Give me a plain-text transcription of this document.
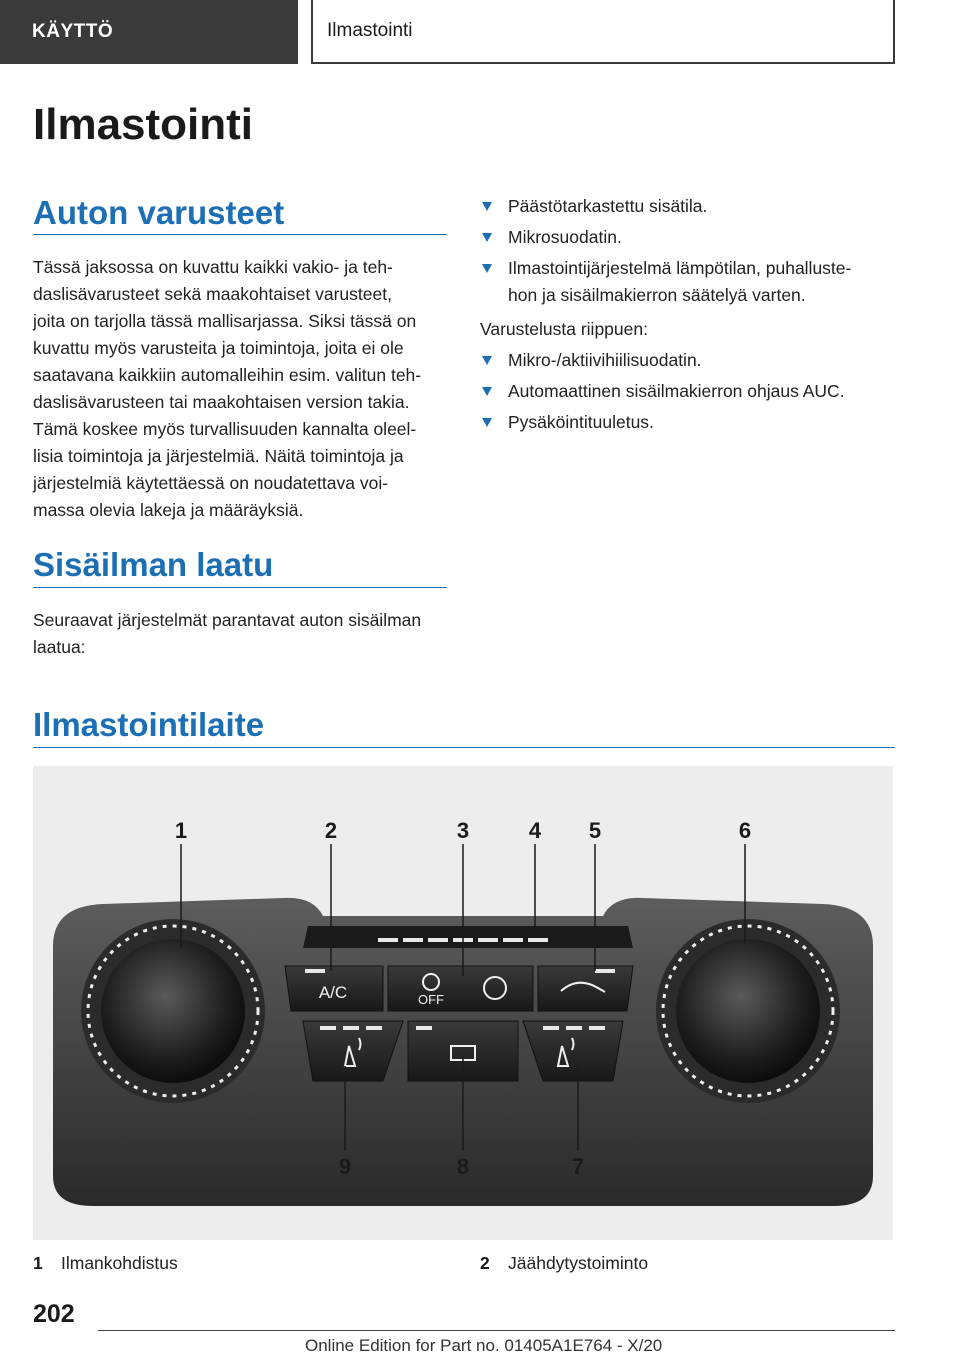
KÄYTTÖ	Ilmastointi
Ilmastointi
Auton varusteet
Tässä jaksossa on kuvattu kaikki vakio- ja teh-
daslisävarusteet sekä maakohtaiset varusteet,
joita on tarjolla tässä mallisarjassa. Siksi tässä on
kuvattu myös varusteita ja toimintoja, joita ei ole
saatavana kaikkiin automalleihin esim. valitun teh-
daslisävarusteen tai maakohtaisen version takia.
Tämä koskee myös turvallisuuden kannalta oleel-
lisia toimintoja ja järjestelmiä. Näitä toimintoja ja
järjestelmiä käytettäessä on noudatettava voi-
massa olevia lakeja ja määräyksiä.
Sisäilman laatu
Seuraavat järjestelmät parantavat auton sisäilman
laatua:
Päästötarkastettu sisätila.
Mikrosuodatin.
Ilmastointijärjestelmä lämpötilan, puhalluste-
hon ja sisäilmakierron säätelyä varten.
Varustelusta riippuen:
Mikro-/aktiivihiilisuodatin.
Automaattinen sisäilmakierron ohjaus AUC.
Pysäköintituuletus.
Ilmastointilaite
A/C	OFF
1	2	3	4 5	6
9	8	7
1 Ilmankohdistus	2 Jäähdytystoiminto
202
Online Edition for Part no. 01405A1E764 - X/20
